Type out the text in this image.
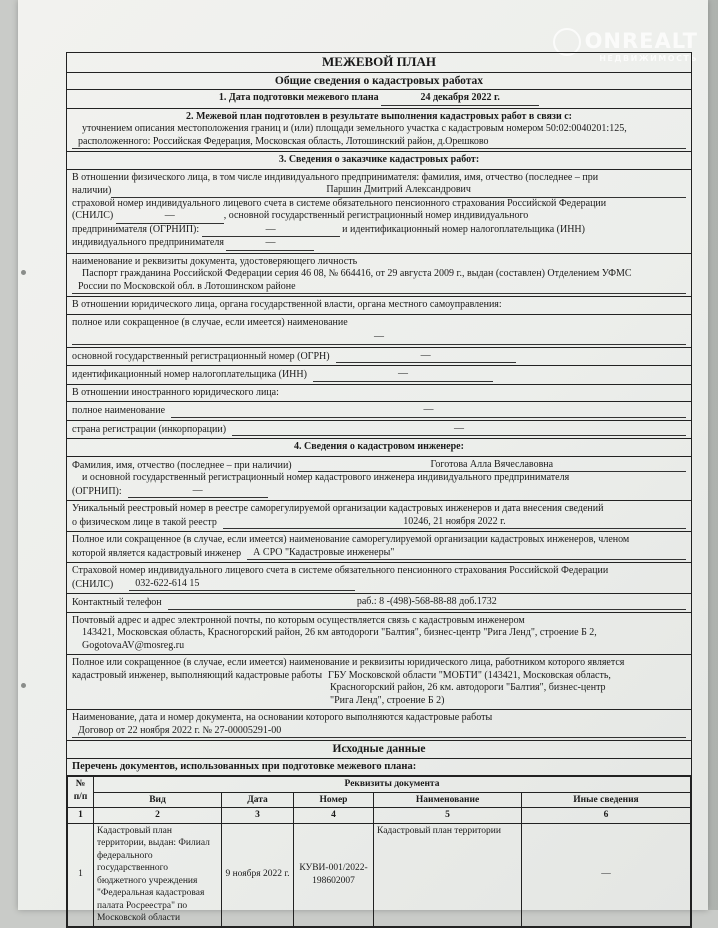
ONREALT
НЕДВИЖИМОСТЬ
МЕЖЕВОЙ ПЛАН
Общие сведения о кадастровых работах
1. Дата подготовки межевого плана	24 декабря 2022 г.
2. Межевой план подготовлен в результате выполнения кадастровых работ в связи с:
уточнением описания местоположения границ и (или) площади земельного участка с кадастровым номером 50:02:0040201:125,
расположенного: Российская Федерация, Московская область, Лотошинский район, д.Орешково
3. Сведения о заказчике кадастровых работ:
В отношении физического лица, в том числе индивидуального предпринимателя: фамилия, имя, отчество (последнее – при
наличии)	Паршин Дмитрий Александрович
страховой номер индивидуального лицевого счета в системе обязательного пенсионного страхования Российской Федерации
(СНИЛС)	—	, основной государственный регистрационный номер индивидуального
предпринимателя (ОГРНИП):	—	и идентификационный номер налогоплательщика (ИНН)
индивидуального предпринимателя	—
наименование и реквизиты документа, удостоверяющего личность
Паспорт гражданина Российской Федерации серия 46 08, № 664416, от 29 августа 2009 г., выдан (составлен) Отделением УФМС
России по Московской обл. в Лотошинском районе
В отношении юридического лица, органа государственной власти, органа местного самоуправления:
полное или сокращенное (в случае, если имеется) наименование
—
основной государственный регистрационный номер (ОГРН)	—
идентификационный номер налогоплательщика (ИНН)	—
В отношении иностранного юридического лица:
полное наименование	—
страна регистрации (инкорпорации)	—
4. Сведения о кадастровом инженере:
Фамилия, имя, отчество (последнее – при наличии)	Гоготова Алла Вячеславовна
и основной государственный регистрационный номер кадастрового инженера индивидуального предпринимателя
(ОГРНИП):	—
Уникальный реестровый номер в реестре саморегулируемой организации кадастровых инженеров и дата внесения сведений
о физическом лице в такой реестр	10246, 21 ноября 2022 г.
Полное или сокращенное (в случае, если имеется) наименование саморегулируемой организации кадастровых инженеров, членом
которой является кадастровый инженер	А СРО "Кадастровые инженеры"
Страховой номер индивидуального лицевого счета в системе обязательного пенсионного страхования Российской Федерации
(СНИЛС)	032-622-614 15
Контактный телефон	раб.: 8 -(498)-568-88-88 доб.1732
Почтовый адрес и адрес электронной почты, по которым осуществляется связь с кадастровым инженером
143421, Московская область, Красногорский район, 26 км автодороги "Балтия", бизнес-центр "Рига Ленд", строение Б 2,
GogotovaAV@mosreg.ru
Полное или сокращенное (в случае, если имеется) наименование и реквизиты юридического лица, работником которого является
кадастровый инженер, выполняющий кадастровые работы ГБУ Московской области "МОБТИ" (143421, Московская область,
Красногорский район, 26 км. автодороги "Балтия", бизнес-центр
"Рига Ленд", строение Б 2)
Наименование, дата и номер документа, на основании которого выполняются кадастровые работы
Договор от 22 ноября 2022 г. № 27-00005291-00
Исходные данные
Перечень документов, использованных при подготовке межевого плана:
№ п/п	Реквизиты документа				
	Вид	Дата	Номер	Наименование	Иные сведения
1	2	3	4	5	6
1	Кадастровый план территории, выдан: Филиал федерального государственного бюджетного учреждения "Федеральная кадастровая палата Росреестра" по Московской области	9 ноября 2022 г.	КУВИ-001/2022-198602007	Кадастровый план территории	—
